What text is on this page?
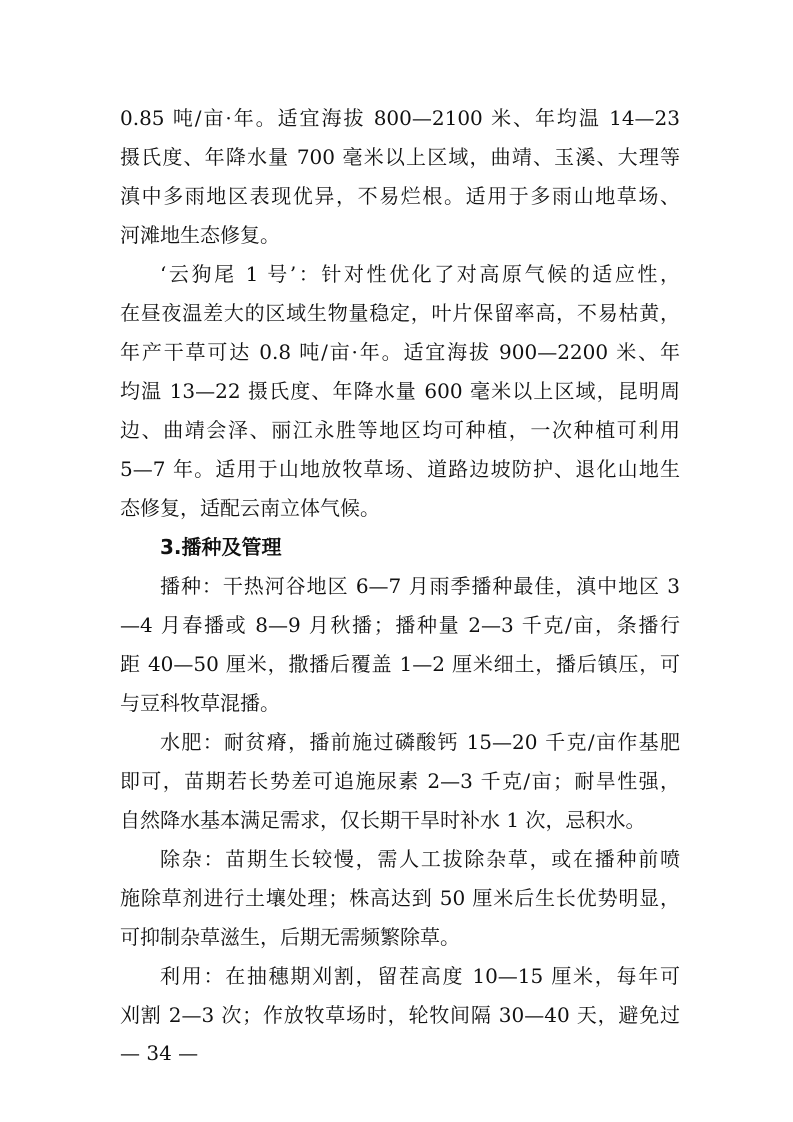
0.85 吨/亩·年。适宜海拔 800—2100 米、年均温 14—23
摄氏度、年降水量 700 毫米以上区域，曲靖、玉溪、大理等
滇中多雨地区表现优异，不易烂根。适用于多雨山地草场、
河滩地生态修复。
‘云狗尾 1 号’：针对性优化了对高原气候的适应性，
在昼夜温差大的区域生物量稳定，叶片保留率高，不易枯黄，
年产干草可达 0.8 吨/亩·年。适宜海拔 900—2200 米、年
均温 13—22 摄氏度、年降水量 600 毫米以上区域，昆明周
边、曲靖会泽、丽江永胜等地区均可种植，一次种植可利用
5—7 年。适用于山地放牧草场、道路边坡防护、退化山地生
态修复，适配云南立体气候。
3.播种及管理
播种：干热河谷地区 6—7 月雨季播种最佳，滇中地区 3
—4 月春播或 8—9 月秋播；播种量 2—3 千克/亩，条播行
距 40—50 厘米，撒播后覆盖 1—2 厘米细土，播后镇压，可
与豆科牧草混播。
水肥：耐贫瘠，播前施过磷酸钙 15—20 千克/亩作基肥
即可，苗期若长势差可追施尿素 2—3 千克/亩；耐旱性强，
自然降水基本满足需求，仅长期干旱时补水 1 次，忌积水。
除杂：苗期生长较慢，需人工拔除杂草，或在播种前喷
施除草剂进行土壤处理；株高达到 50 厘米后生长优势明显，
可抑制杂草滋生，后期无需频繁除草。
利用：在抽穗期刈割，留茬高度 10—15 厘米，每年可
刈割 2—3 次；作放牧草场时，轮牧间隔 30—40 天，避免过
— 34 —
